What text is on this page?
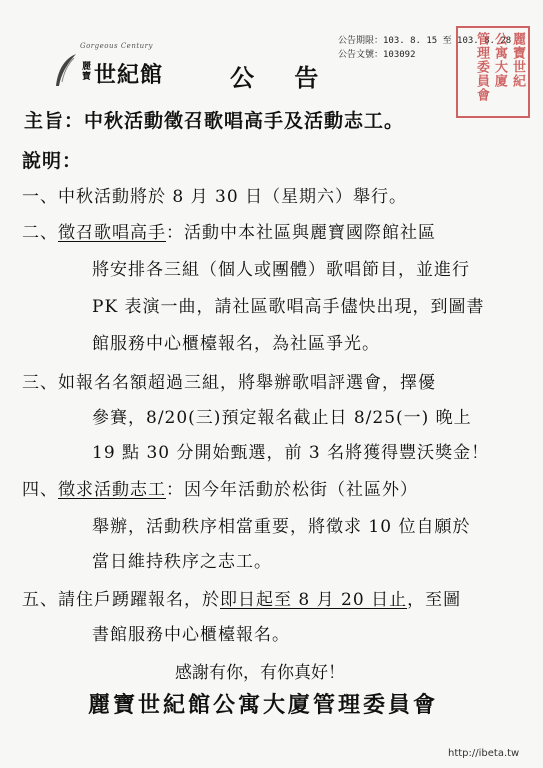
Gorgeous Century
麗寶 世紀館	公 告
公告期限：103. 8. 15 至 103. 8. 28
公告文號：103092	麗寶世紀
公寓大廈
管理委員會
主旨：中秋活動徵召歌唱高手及活動志工。
說明：
一、中秋活動將於 8 月 30 日（星期六）舉行。
二、徵召歌唱高手：活動中本社區與麗寶國際館社區
將安排各三組（個人或團體）歌唱節目，並進行
PK 表演一曲，請社區歌唱高手儘快出現，到圖書
館服務中心櫃檯報名，為社區爭光。
三、如報名名額超過三組，將舉辦歌唱評選會，擇優
參賽，8/20(三)預定報名截止日 8/25(一) 晚上
19 點 30 分開始甄選，前 3 名將獲得豐沃獎金！
四、徵求活動志工：因今年活動於松街（社區外）
舉辦，活動秩序相當重要，將徵求 10 位自願於
當日維持秩序之志工。
五、請住戶踴躍報名，於即日起至 8 月 20 日止，至圖
書館服務中心櫃檯報名。
感謝有你，有你真好！
麗寶世紀館公寓大廈管理委員會
http://ibeta.tw
